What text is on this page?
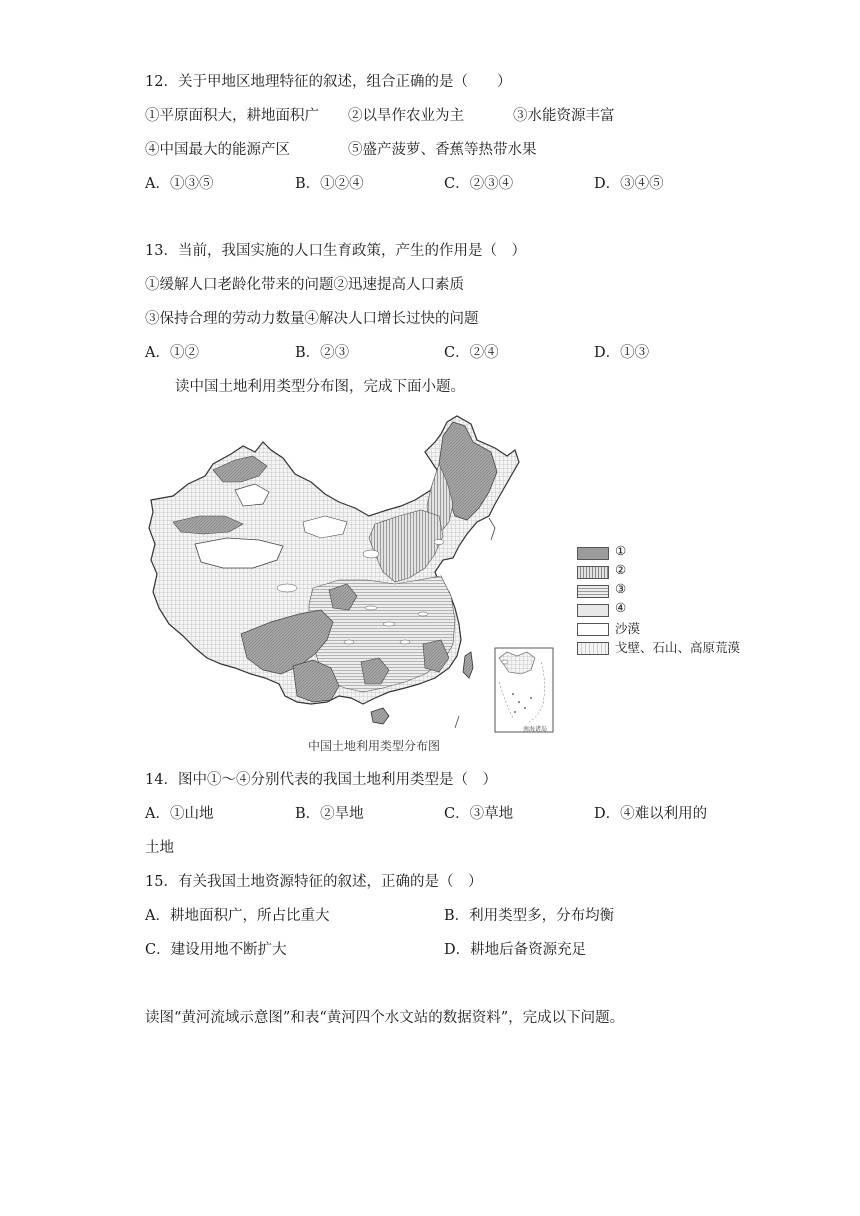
12．关于甲地区地理特征的叙述，组合正确的是（　　）
①平原面积大，耕地面积广 ②以旱作农业为主	③水能资源丰富
④中国最大的能源产区	⑤盛产菠萝、香蕉等热带水果
A．①③⑤	B．①②④	C．②③④	D．③④⑤
13．当前，我国实施的人口生育政策，产生的作用是（　）
①缓解人口老龄化带来的问题②迅速提高人口素质
③保持合理的劳动力数量④解决人口增长过快的问题
A．①②	B．②③	C．②④	D．①③
读中国土地利用类型分布图，完成下面小题。
南海诸岛
①
②
③
④
沙漠
戈壁、石山、高原荒漠
中国土地利用类型分布图
14．图中①～④分别代表的我国土地利用类型是（　）
A．①山地	B．②旱地	C．③草地	D．④难以利用的
土地
15．有关我国土地资源特征的叙述，正确的是（　）
A．耕地面积广，所占比重大	B．利用类型多，分布均衡
C．建设用地不断扩大	D．耕地后备资源充足
读图“黄河流域示意图”和表“黄河四个水文站的数据资料”，完成以下问题。
